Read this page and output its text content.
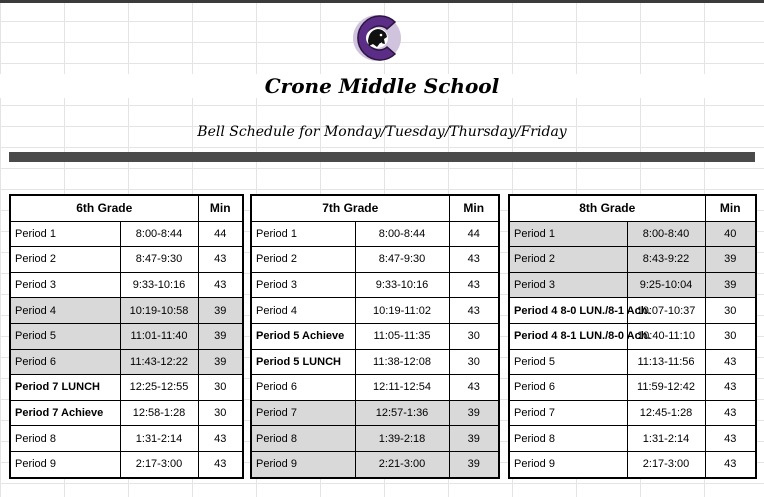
Crone Middle School
Bell Schedule for Monday/Tuesday/Thursday/Friday
6th Grade		Min
Period 1	8:00-8:44	44
Period 2	8:47-9:30	43
Period 3	9:33-10:16	43
Period 4	10:19-10:58	39
Period 5	11:01-11:40	39
Period 6	11:43-12:22	39
Period 7 LUNCH	12:25-12:55	30
Period 7 Achieve	12:58-1:28	30
Period 8	1:31-2:14	43
Period 9	2:17-3:00	43
7th Grade		Min
Period 1	8:00-8:44	44
Period 2	8:47-9:30	43
Period 3	9:33-10:16	43
Period 4	10:19-11:02	43
Period 5 Achieve	11:05-11:35	30
Period 5 LUNCH	11:38-12:08	30
Period 6	12:11-12:54	43
Period 7	12:57-1:36	39
Period 8	1:39-2:18	39
Period 9	2:21-3:00	39
8th Grade		Min
Period 1	8:00-8:40	40
Period 2	8:43-9:22	39
Period 3	9:25-10:04	39
Period 4 8-0 LUN./8-1 Ach.	10:07-10:37	30
Period 4 8-1 LUN./8-0 Ach.	10:40-11:10	30
Period 5	11:13-11:56	43
Period 6	11:59-12:42	43
Period 7	12:45-1:28	43
Period 8	1:31-2:14	43
Period 9	2:17-3:00	43
